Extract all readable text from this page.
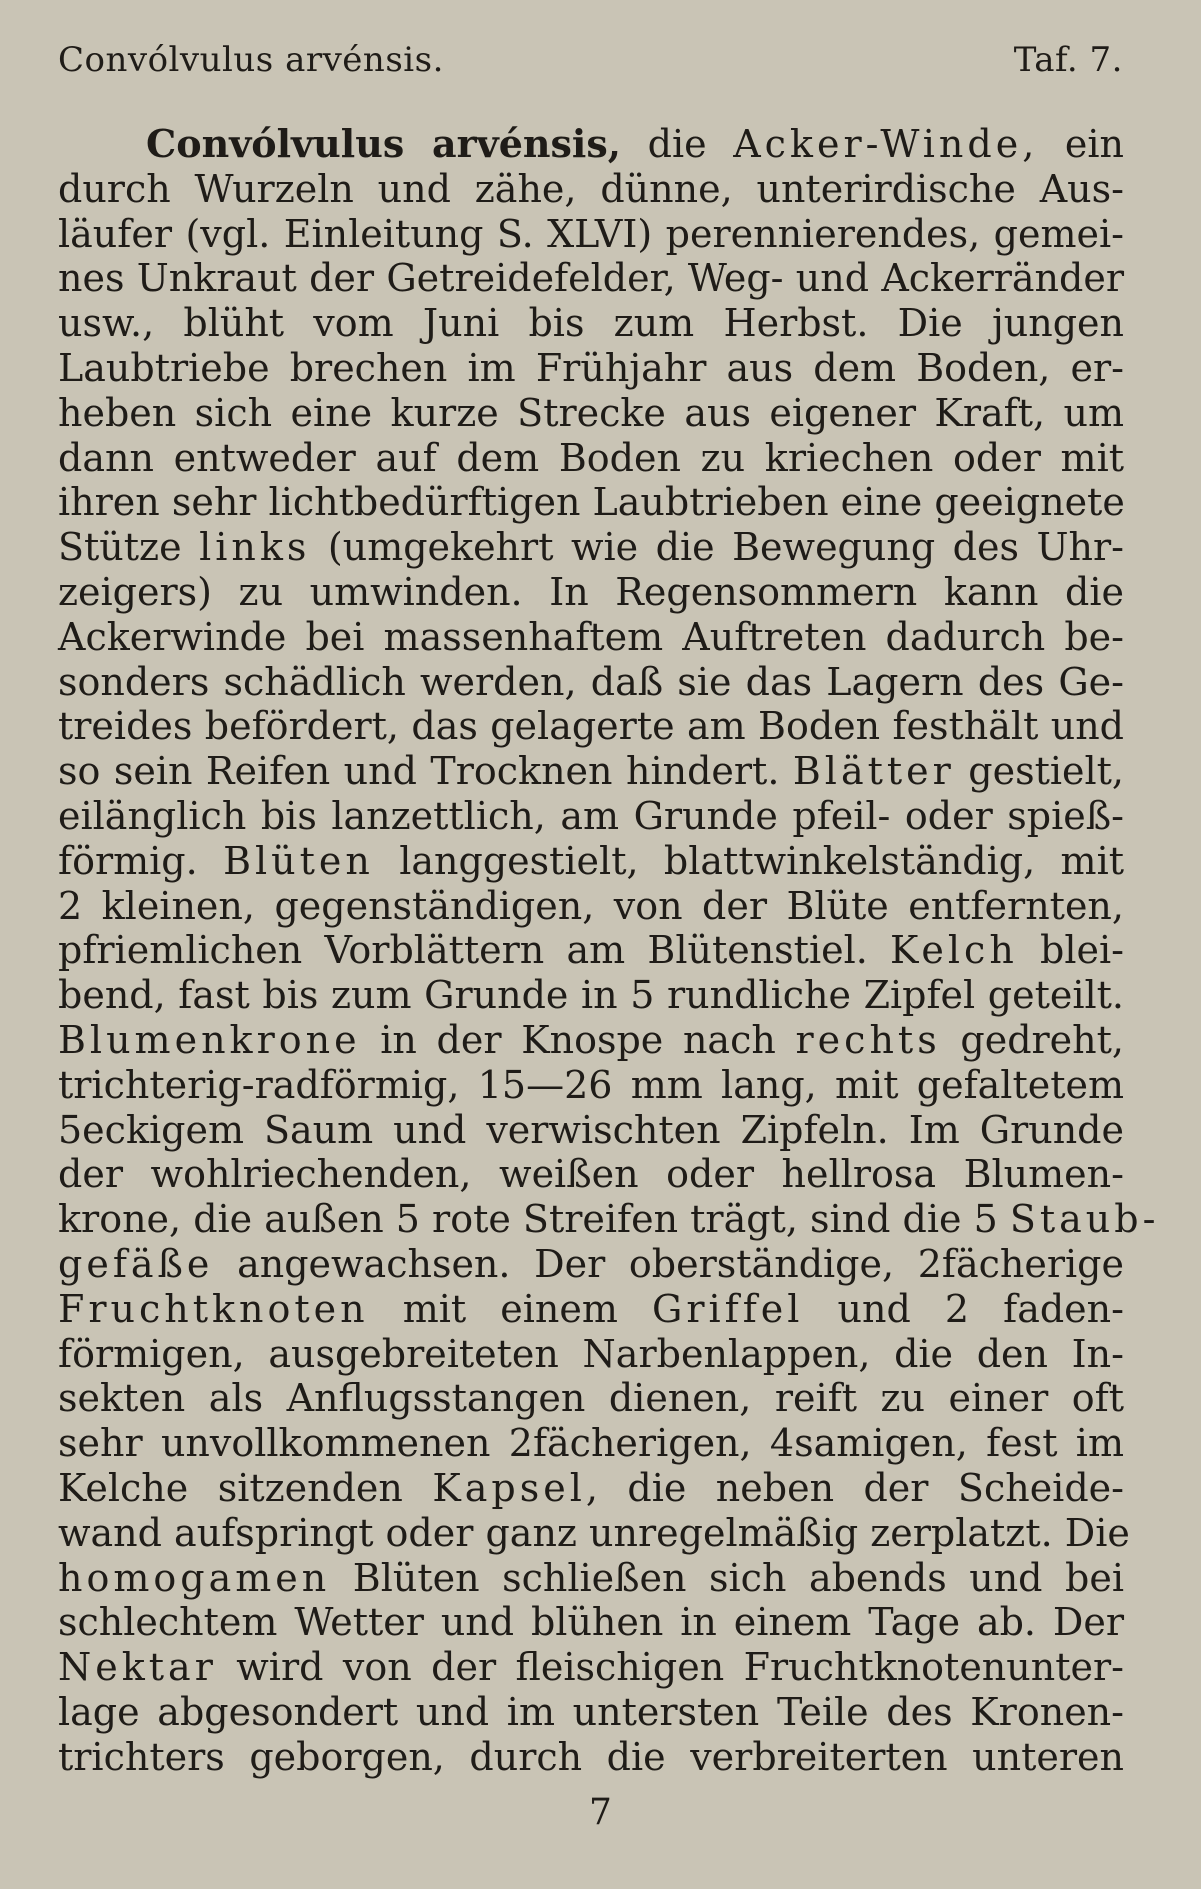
Convólvulus arvénsis.	Taf. 7.
Convólvulus arvénsis, die Acker-Winde, ein
durch Wurzeln und zähe, dünne, unterirdische Aus-
läufer (vgl. Einleitung S. XLVI) perennierendes, gemei-
nes Unkraut der Getreidefelder, Weg- und Ackerränder
usw., blüht vom Juni bis zum Herbst. Die jungen
Laubtriebe brechen im Frühjahr aus dem Boden, er-
heben sich eine kurze Strecke aus eigener Kraft, um
dann entweder auf dem Boden zu kriechen oder mit
ihren sehr lichtbedürftigen Laubtrieben eine geeignete
Stütze links (umgekehrt wie die Bewegung des Uhr-
zeigers) zu umwinden. In Regensommern kann die
Ackerwinde bei massenhaftem Auftreten dadurch be-
sonders schädlich werden, daß sie das Lagern des Ge-
treides befördert, das gelagerte am Boden festhält und
so sein Reifen und Trocknen hindert. Blätter gestielt,
eilänglich bis lanzettlich, am Grunde pfeil- oder spieß-
förmig. Blüten langgestielt, blattwinkelständig, mit
2 kleinen, gegenständigen, von der Blüte entfernten,
pfriemlichen Vorblättern am Blütenstiel. Kelch blei-
bend, fast bis zum Grunde in 5 rundliche Zipfel geteilt.
Blumenkrone in der Knospe nach rechts gedreht,
trichterig-radförmig, 15—26 mm lang, mit gefaltetem
5eckigem Saum und verwischten Zipfeln. Im Grunde
der wohlriechenden, weißen oder hellrosa Blumen-
krone, die außen 5 rote Streifen trägt, sind die 5 Staub-
gefäße angewachsen. Der oberständige, 2fächerige
Fruchtknoten mit einem Griffel und 2 faden-
förmigen, ausgebreiteten Narbenlappen, die den In-
sekten als Anflugsstangen dienen, reift zu einer oft
sehr unvollkommenen 2fächerigen, 4samigen, fest im
Kelche sitzenden Kapsel, die neben der Scheide-
wand aufspringt oder ganz unregelmäßig zerplatzt. Die
homogamen Blüten schließen sich abends und bei
schlechtem Wetter und blühen in einem Tage ab. Der
Nektar wird von der fleischigen Fruchtknotenunter-
lage abgesondert und im untersten Teile des Kronen-
trichters geborgen, durch die verbreiterten unteren
7
